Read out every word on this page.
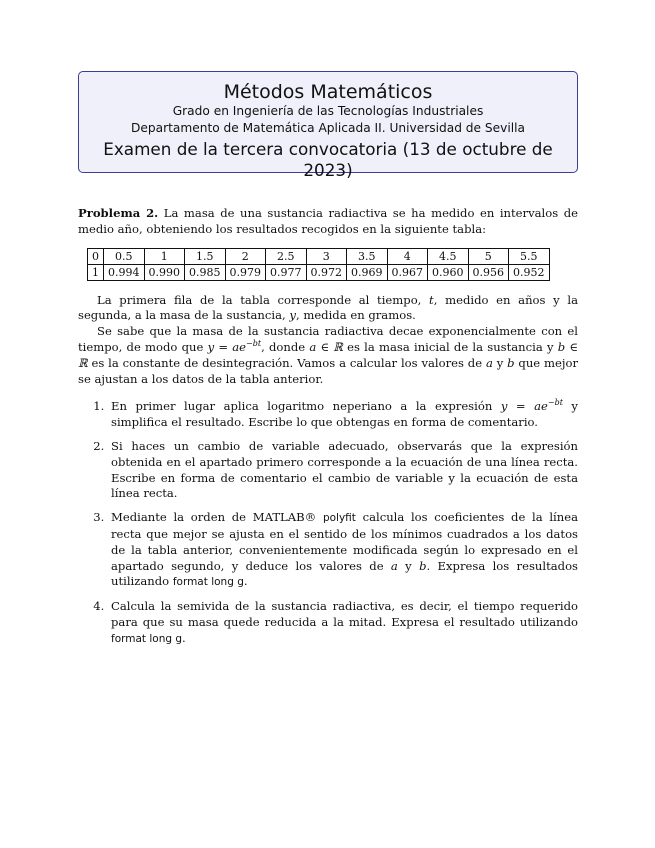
Métodos Matemáticos
Grado en Ingeniería de las Tecnologías Industriales
Departamento de Matemática Aplicada II. Universidad de Sevilla
Examen de la tercera convocatoria (13 de octubre de 2023)

Problema 2. La masa de una sustancia radiactiva se ha medido en intervalos de medio año, obteniendo los resultados recogidos en la siguiente tabla:

0	0.5	1	1.5	2	2.5	3	3.5	4	4.5	5	5.5
1	0.994	0.990	0.985	0.979	0.977	0.972	0.969	0.967	0.960	0.956	0.952

La primera fila de la tabla corresponde al tiempo, t, medido en años y la segunda, a la masa de la sustancia, y, medida en gramos.

Se sabe que la masa de la sustancia radiactiva decae exponencialmente con el tiempo, de modo que $y = ae^{-bt}$, donde a ∈ ℝ es la masa inicial de la sustancia y b ∈ ℝ es la constante de desintegración. Vamos a calcular los valores de a y b que mejor se ajustan a los datos de la tabla anterior.

1. En primer lugar aplica logaritmo neperiano a la expresión $y = ae^{-bt}$ y simplifica el resultado. Escribe lo que obtengas en forma de comentario.
2. Si haces un cambio de variable adecuado, observarás que la expresión obtenida en el apartado primero corresponde a la ecuación de una línea recta. Escribe en forma de comentario el cambio de variable y la ecuación de esta línea recta.
3. Mediante la orden de MATLAB® polyfit calcula los coeficientes de la línea recta que mejor se ajusta en el sentido de los mínimos cuadrados a los datos de la tabla anterior, convenientemente modificada según lo expresado en el apartado segundo, y deduce los valores de a y b. Expresa los resultados utilizando format long g.
4. Calcula la semivida de la sustancia radiactiva, es decir, el tiempo requerido para que su masa quede reducida a la mitad. Expresa el resultado utilizando format long g.
